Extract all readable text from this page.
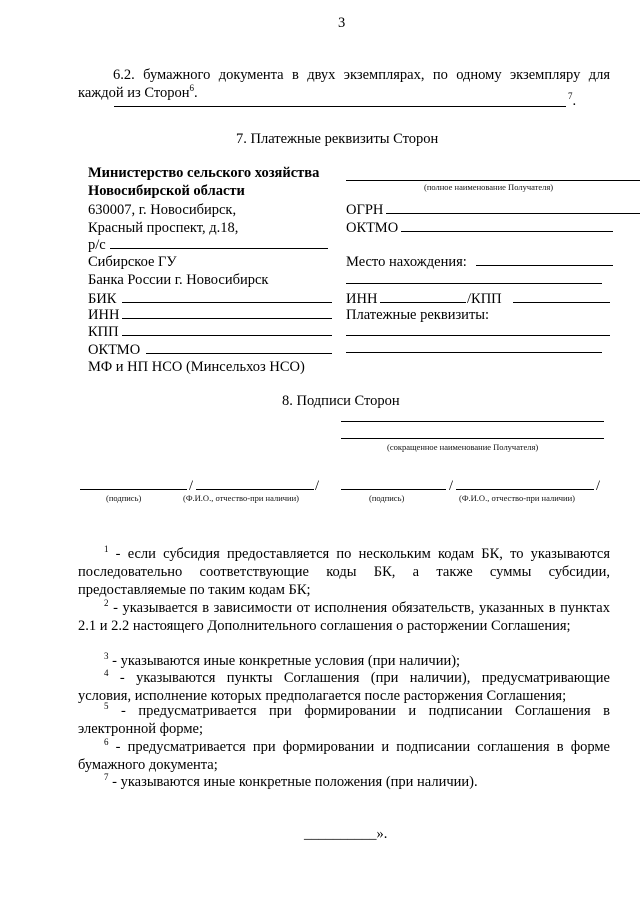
3
6.2. бумажного документа в двух экземплярах, по одному экземпляру для
каждой из Сторон$^6$.	$^7$.
7. Платежные реквизиты Сторон
Министерство сельского хозяйства
Новосибирской области
630007, г. Новосибирск,
Красный проспект, д.18,
р/с
Сибирское ГУ
Банка России г. Новосибирск
БИК
ИНН
КПП
ОКТМО
МФ и НП НСО (Минсельхоз НСО)
(полное наименование Получателя)
ОГРН
ОКТМО
Место нахождения:
ИНН	/КПП
Платежные реквизиты:
8. Подписи Сторон
(сокращенное наименование Получателя)
/	/
(подпись)	(Ф.И.О., отчество-при наличии)
/	/
(подпись)	(Ф.И.О., отчество-при наличии)
$^1$ - если субсидия предоставляется по нескольким кодам БК, то указываются последовательно соответствующие коды БК, а также суммы субсидии, предоставляемые по таким кодам БК;
$^2$ - указывается в зависимости от исполнения обязательств, указанных в пунктах 2.1 и 2.2 настоящего Дополнительного соглашения о расторжении Соглашения;
$^3$ - указываются иные конкретные условия (при наличии);
$^4$ - указываются пункты Соглашения (при наличии), предусматривающие условия, исполнение которых предполагается после расторжения Соглашения;
$^5$ - предусматривается при формировании и подписании Соглашения в электронной форме;
$^6$ - предусматривается при формировании и подписании соглашения в форме бумажного документа;
$^7$ - указываются иные конкретные положения (при наличии).
__________».
